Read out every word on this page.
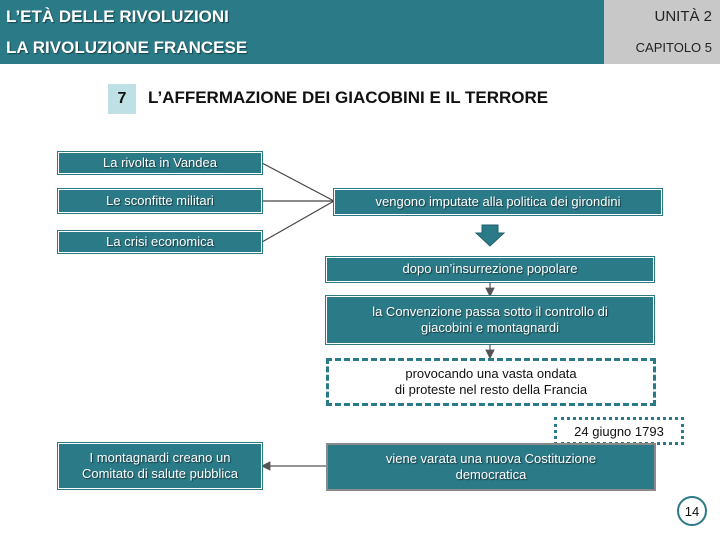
L’ETÀ DELLE RIVOLUZIONI
LA RIVOLUZIONE FRANCESE
UNITÀ 2
CAPITOLO 5
7	L’AFFERMAZIONE DEI GIACOBINI E IL TERRORE
La rivolta in Vandea
Le sconfitte militari
La crisi economica
vengono imputate alla politica dei girondini
dopo un’insurrezione popolare
la Convenzione passa sotto il controllo di
giacobini e montagnardi
provocando una vasta ondata
di proteste nel resto della Francia
24 giugno 1793
viene varata una nuova Costituzione
democratica
I montagnardi creano un
Comitato di salute pubblica
14
